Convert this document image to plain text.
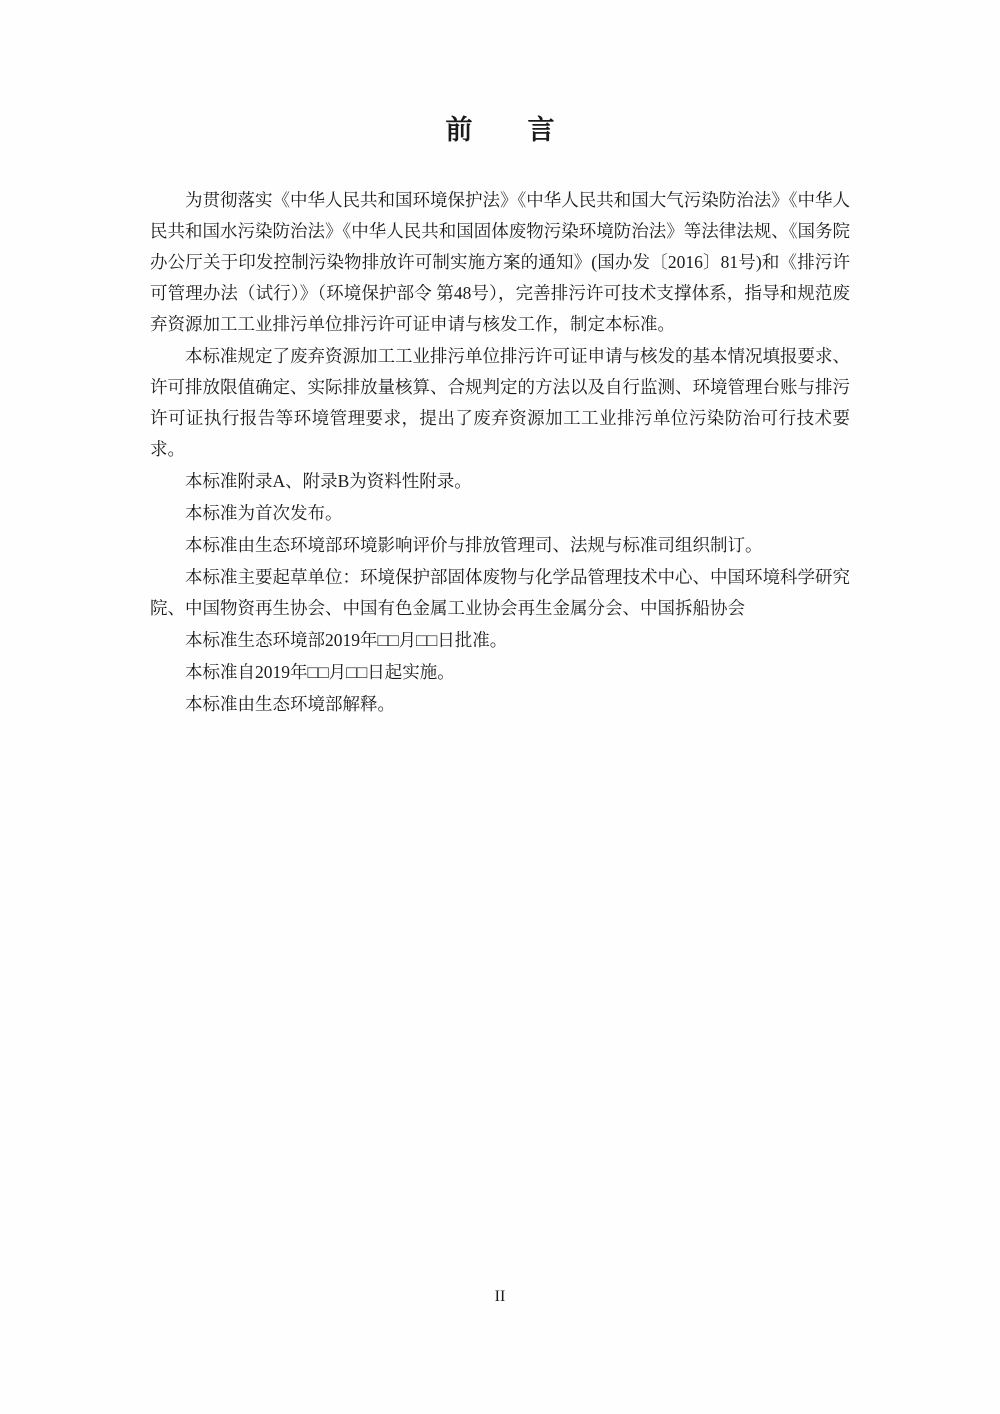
前　言

为贯彻落实《中华人民共和国环境保护法》《中华人民共和国大气污染防治法》《中华人民共和国水污染防治法》《中华人民共和国固体废物污染环境防治法》等法律法规、《国务院办公厅关于印发控制污染物排放许可制实施方案的通知》(国办发〔2016〕81号)和《排污许可管理办法（试行）》（环境保护部令 第48号），完善排污许可技术支撑体系，指导和规范废弃资源加工工业排污单位排污许可证申请与核发工作，制定本标准。

本标准规定了废弃资源加工工业排污单位排污许可证申请与核发的基本情况填报要求、许可排放限值确定、实际排放量核算、合规判定的方法以及自行监测、环境管理台账与排污许可证执行报告等环境管理要求，提出了废弃资源加工工业排污单位污染防治可行技术要求。

本标准附录A、附录B为资料性附录。

本标准为首次发布。

本标准由生态环境部环境影响评价与排放管理司、法规与标准司组织制订。

本标准主要起草单位：环境保护部固体废物与化学品管理技术中心、中国环境科学研究院、中国物资再生协会、中国有色金属工业协会再生金属分会、中国拆船协会

本标准生态环境部2019年□□月□□日批准。

本标准自2019年□□月□□日起实施。

本标准由生态环境部解释。

II
